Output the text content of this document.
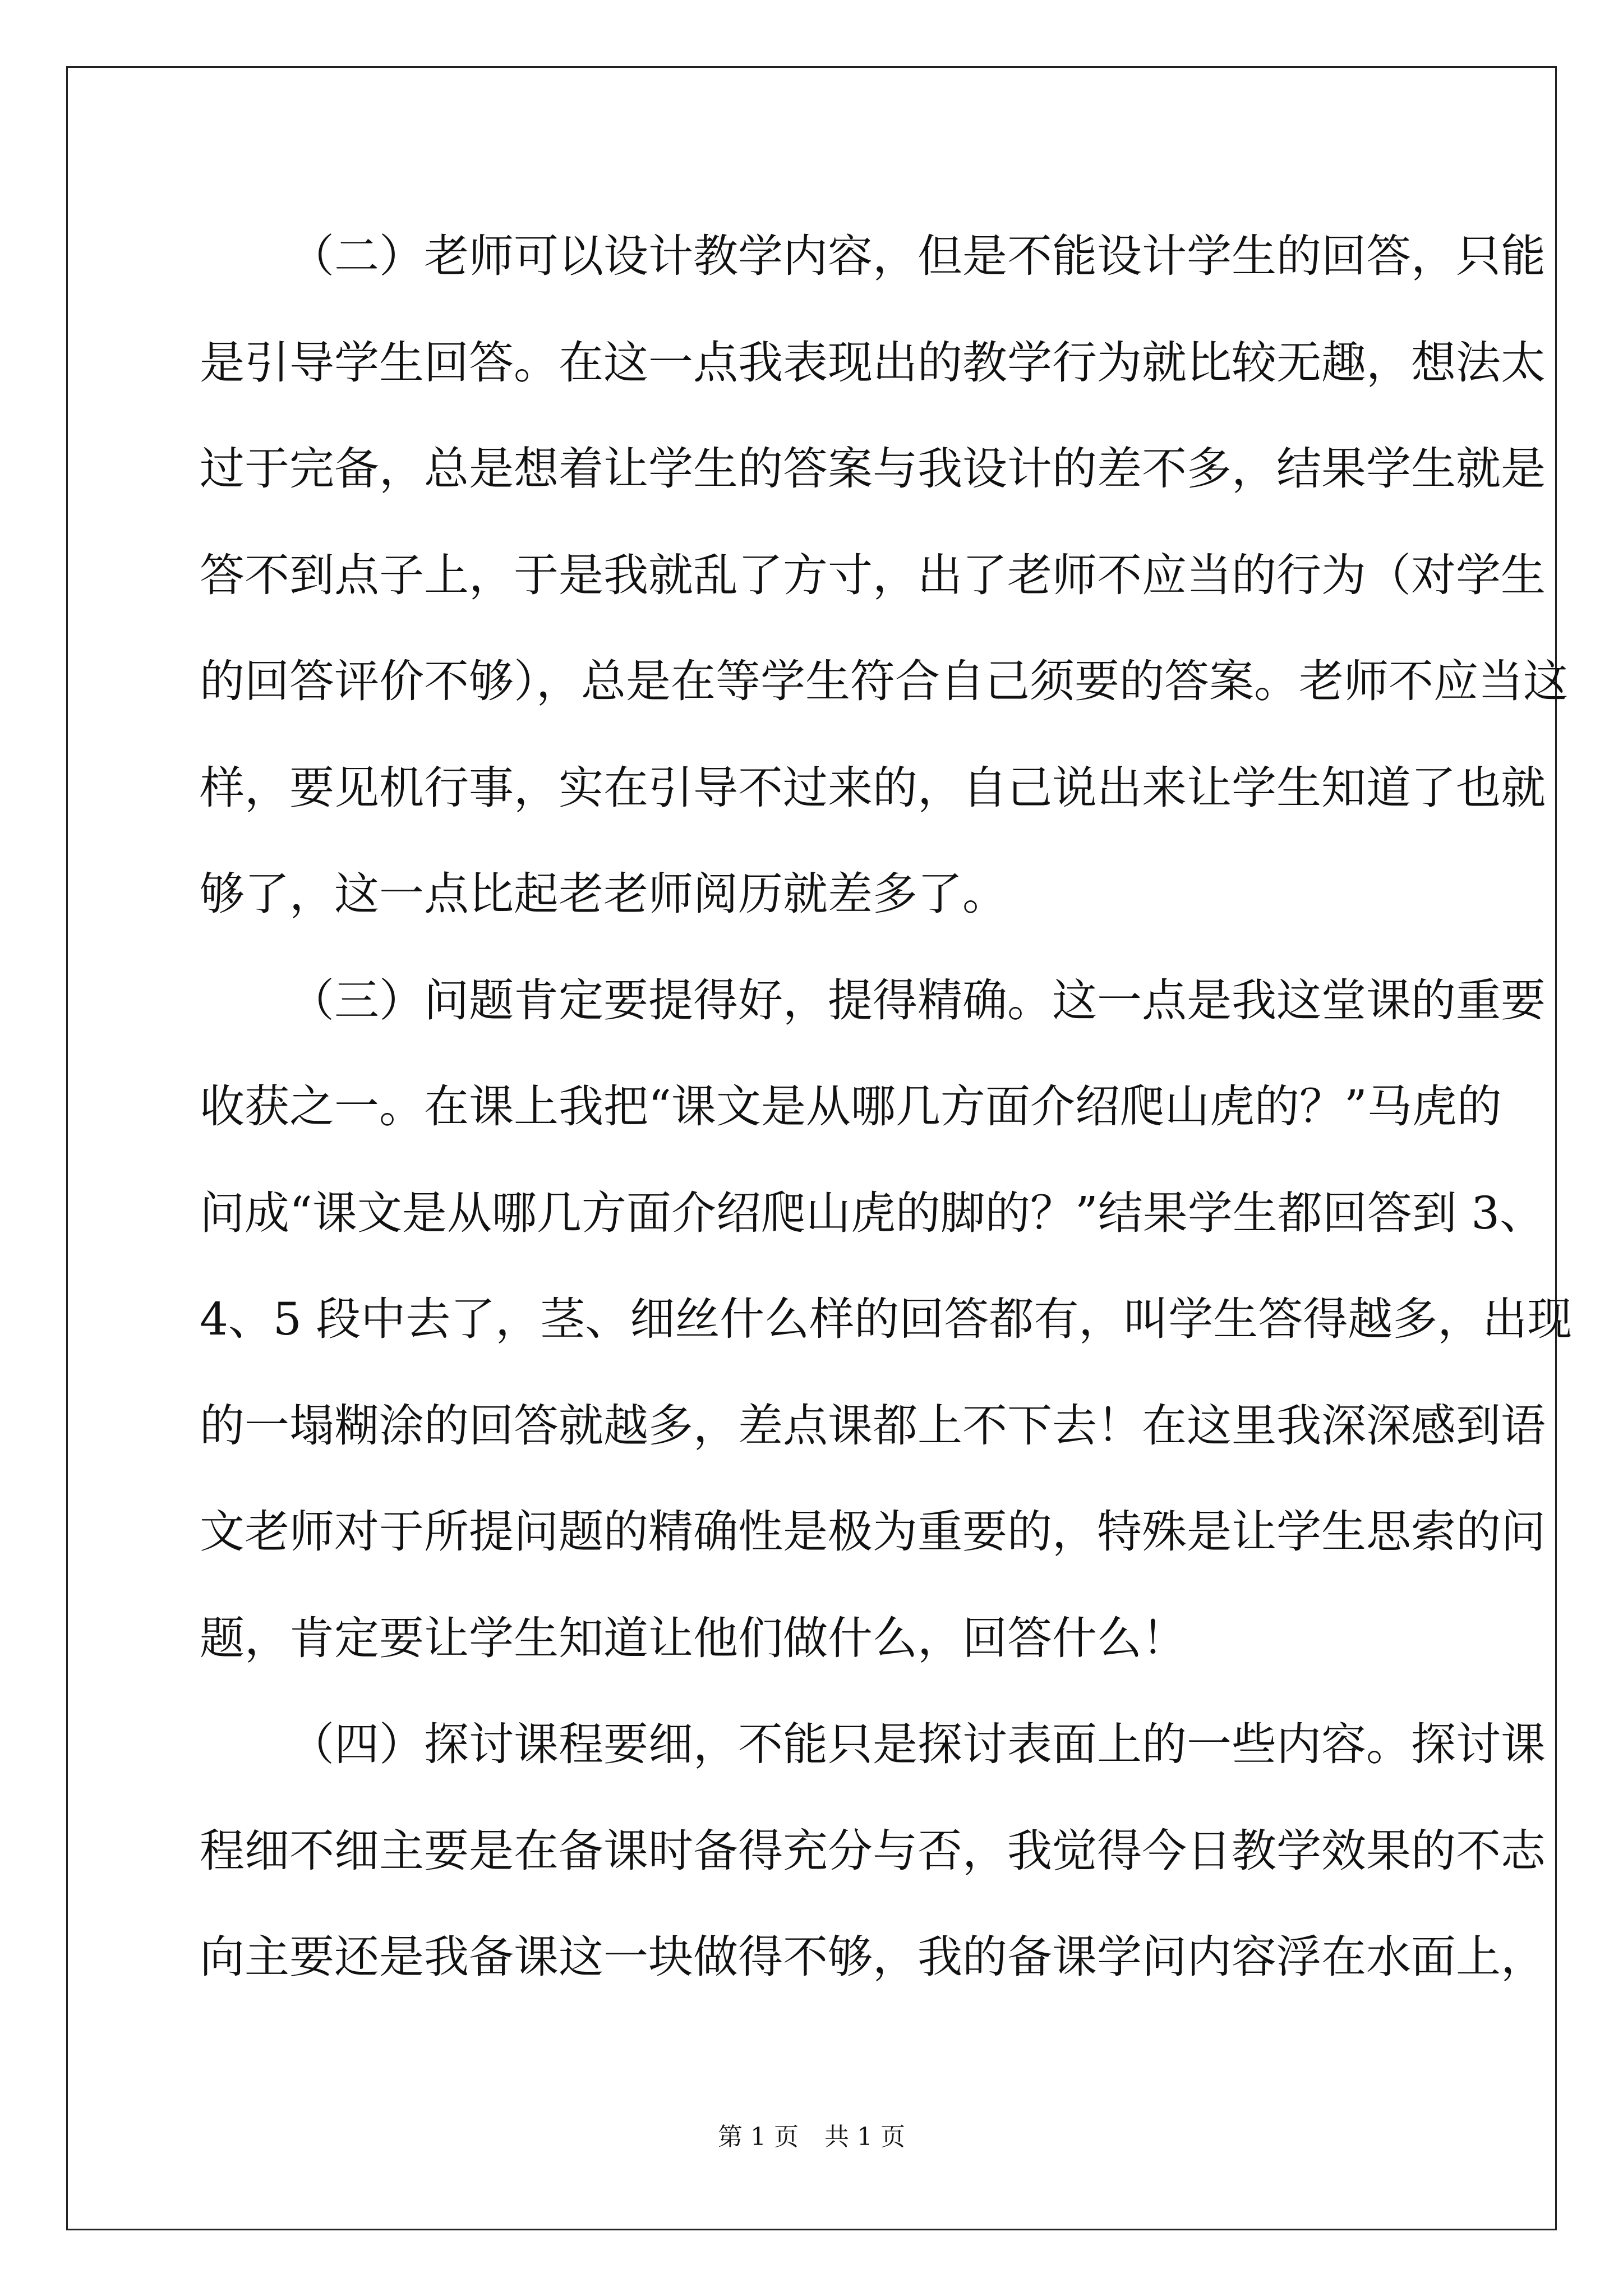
（二）老师可以设计教学内容，但是不能设计学生的回答，只能
是引导学生回答。在这一点我表现出的教学行为就比较无趣，想法太
过于完备，总是想着让学生的答案与我设计的差不多，结果学生就是
答不到点子上，于是我就乱了方寸，出了老师不应当的行为（对学生
的回答评价不够），总是在等学生符合自己须要的答案。老师不应当这
样，要见机行事，实在引导不过来的，自己说出来让学生知道了也就
够了，这一点比起老老师阅历就差多了。
（三）问题肯定要提得好，提得精确。这一点是我这堂课的重要
收获之一。在课上我把“课文是从哪几方面介绍爬山虎的？”马虎的
问成“课文是从哪几方面介绍爬山虎的脚的？”结果学生都回答到 3、
4、5 段中去了，茎、细丝什么样的回答都有，叫学生答得越多，出现
的一塌糊涂的回答就越多，差点课都上不下去！在这里我深深感到语
文老师对于所提问题的精确性是极为重要的，特殊是让学生思索的问
题，肯定要让学生知道让他们做什么，回答什么！
（四）探讨课程要细，不能只是探讨表面上的一些内容。探讨课
程细不细主要是在备课时备得充分与否，我觉得今日教学效果的不志
向主要还是我备课这一块做得不够，我的备课学问内容浮在水面上，
第 1 页 共 1 页
